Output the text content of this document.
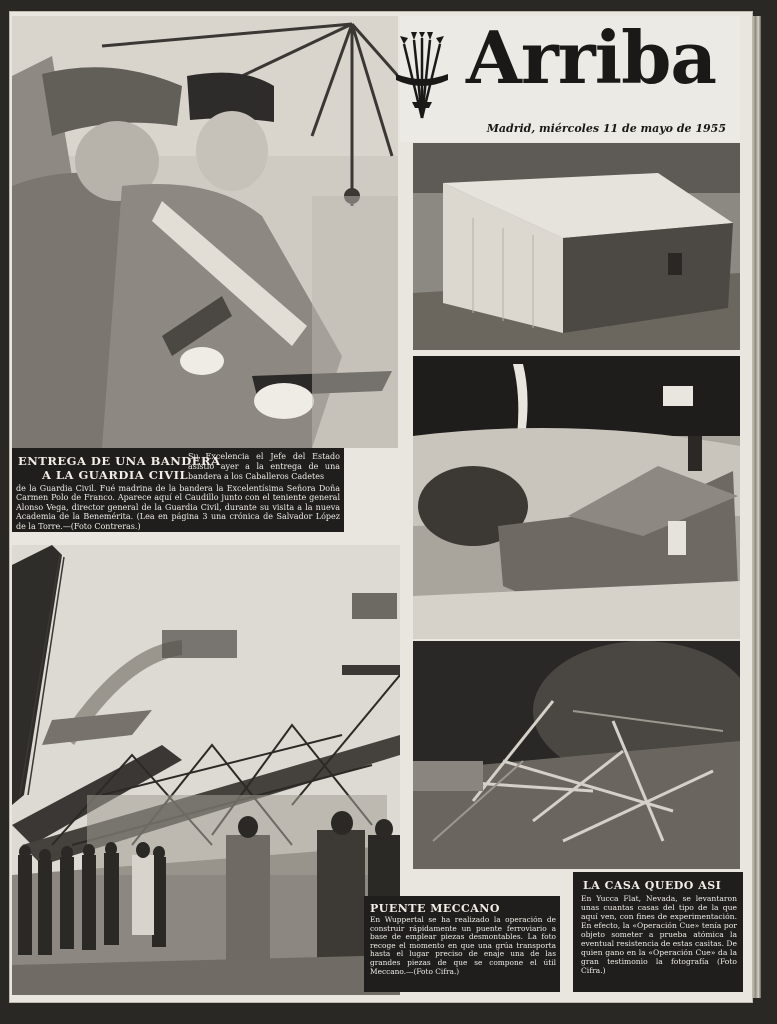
ENTREGA DE UNA BANDERA
A LA GUARDIA CIVIL
Su Excelencia el Jefe del Estado asistió ayer a la entrega de una bandera a los Caballeros Cadetes
de la Guardia Civil. Fué madrina de la bandera la Excelentísima Señora Doña Carmen Polo de Franco. Aparece aquí el Caudillo junto con el teniente general Alonso Vega, director general de la Guardia Civil, durante su visita a la nueva Academia de la Benemérita. (Lea en página 3 una crónica de Salvador López de la Torre.—(Foto Contreras.)
Arriba
Madrid, miércoles 11 de mayo de 1955
PUENTE MECCANO
En Wuppertal se ha realizado la operación de construir rápidamente un puente ferroviario a base de emplear piezas desmontables. La foto recoge el momento en que una grúa transporta hasta el lugar preciso de enaje una de las grandes piezas de que se compone el útil Meccano.—(Foto Cifra.)
LA CASA QUEDO ASI
En Yucca Flat, Nevada, se levantaron unas cuantas casas del tipo de la que aquí ven, con fines de experimentación. En efecto, la «Operación Cue» tenía por objeto someter a prueba atómica la eventual resistencia de estas casitas. De quien gano en la «Operación Cue» da la gran testimonio la fotografía (Foto Cifra.)
